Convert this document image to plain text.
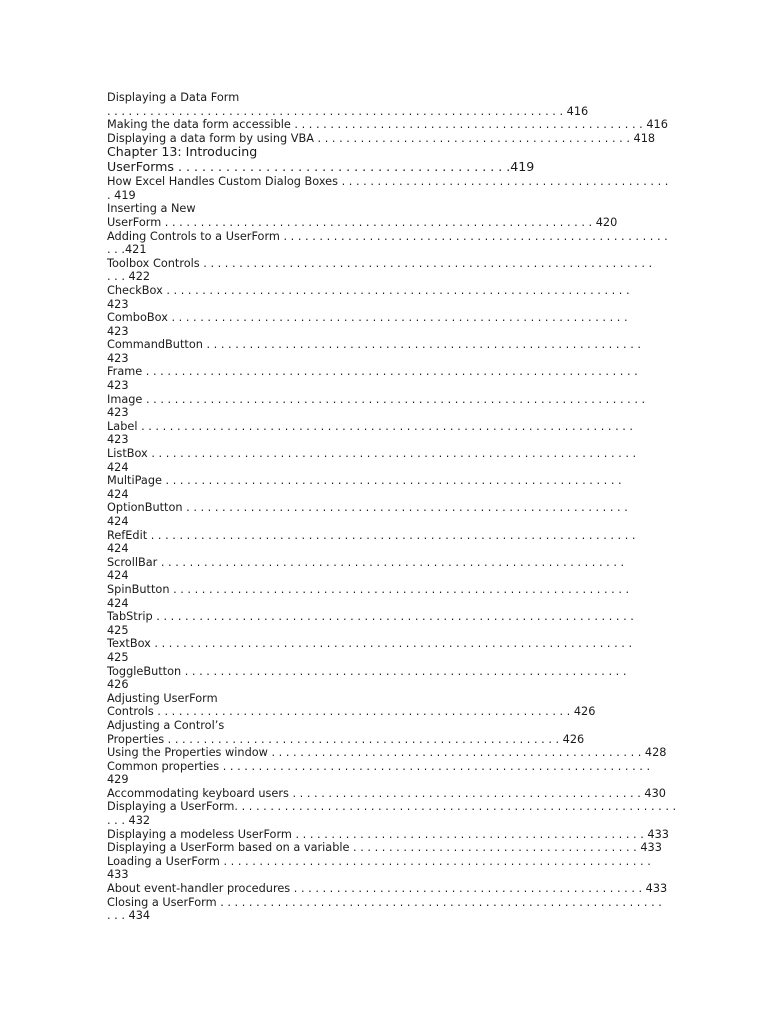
Displaying a Data Form
. . . . . . . . . . . . . . . . . . . . . . . . . . . . . . . . . . . . . . . . . . . . . . . . . . . . . . . . . . . . . . . . 416
Making the data form accessible . . . . . . . . . . . . . . . . . . . . . . . . . . . . . . . . . . . . . . . . . . . . . . . . . 416
Displaying a data form by using VBA . . . . . . . . . . . . . . . . . . . . . . . . . . . . . . . . . . . . . . . . . . . . 418
Chapter 13: Introducing
UserForms . . . . . . . . . . . . . . . . . . . . . . . . . . . . . . . . . . . . . . . . . .419
How Excel Handles Custom Dialog Boxes . . . . . . . . . . . . . . . . . . . . . . . . . . . . . . . . . . . . . . . . . . . . . .
. 419
Inserting a New
UserForm . . . . . . . . . . . . . . . . . . . . . . . . . . . . . . . . . . . . . . . . . . . . . . . . . . . . . . . . . . . . 420
Adding Controls to a UserForm . . . . . . . . . . . . . . . . . . . . . . . . . . . . . . . . . . . . . . . . . . . . . . . . . . . . . .
. . .421
Toolbox Controls . . . . . . . . . . . . . . . . . . . . . . . . . . . . . . . . . . . . . . . . . . . . . . . . . . . . . . . . . . . . . . .
. . . 422
CheckBox . . . . . . . . . . . . . . . . . . . . . . . . . . . . . . . . . . . . . . . . . . . . . . . . . . . . . . . . . . . . . . . . .
423
ComboBox . . . . . . . . . . . . . . . . . . . . . . . . . . . . . . . . . . . . . . . . . . . . . . . . . . . . . . . . . . . . . . . .
423
CommandButton . . . . . . . . . . . . . . . . . . . . . . . . . . . . . . . . . . . . . . . . . . . . . . . . . . . . . . . . . . . . .
423
Frame . . . . . . . . . . . . . . . . . . . . . . . . . . . . . . . . . . . . . . . . . . . . . . . . . . . . . . . . . . . . . . . . . . . . .
423
Image . . . . . . . . . . . . . . . . . . . . . . . . . . . . . . . . . . . . . . . . . . . . . . . . . . . . . . . . . . . . . . . . . . . . . .
423
Label . . . . . . . . . . . . . . . . . . . . . . . . . . . . . . . . . . . . . . . . . . . . . . . . . . . . . . . . . . . . . . . . . . . . .
423
ListBox . . . . . . . . . . . . . . . . . . . . . . . . . . . . . . . . . . . . . . . . . . . . . . . . . . . . . . . . . . . . . . . . . . . .
424
MultiPage . . . . . . . . . . . . . . . . . . . . . . . . . . . . . . . . . . . . . . . . . . . . . . . . . . . . . . . . . . . . . . . .
424
OptionButton . . . . . . . . . . . . . . . . . . . . . . . . . . . . . . . . . . . . . . . . . . . . . . . . . . . . . . . . . . . . . .
424
RefEdit . . . . . . . . . . . . . . . . . . . . . . . . . . . . . . . . . . . . . . . . . . . . . . . . . . . . . . . . . . . . . . . . . . . .
424
ScrollBar . . . . . . . . . . . . . . . . . . . . . . . . . . . . . . . . . . . . . . . . . . . . . . . . . . . . . . . . . . . . . . . . .
424
SpinButton . . . . . . . . . . . . . . . . . . . . . . . . . . . . . . . . . . . . . . . . . . . . . . . . . . . . . . . . . . . . . . . .
424
TabStrip . . . . . . . . . . . . . . . . . . . . . . . . . . . . . . . . . . . . . . . . . . . . . . . . . . . . . . . . . . . . . . . . . . .
425
TextBox . . . . . . . . . . . . . . . . . . . . . . . . . . . . . . . . . . . . . . . . . . . . . . . . . . . . . . . . . . . . . . . . . . .
425
ToggleButton . . . . . . . . . . . . . . . . . . . . . . . . . . . . . . . . . . . . . . . . . . . . . . . . . . . . . . . . . . . . . .
426
Adjusting UserForm
Controls . . . . . . . . . . . . . . . . . . . . . . . . . . . . . . . . . . . . . . . . . . . . . . . . . . . . . . . . . . 426
Adjusting a Control’s
Properties . . . . . . . . . . . . . . . . . . . . . . . . . . . . . . . . . . . . . . . . . . . . . . . . . . . . . . . 426
Using the Properties window . . . . . . . . . . . . . . . . . . . . . . . . . . . . . . . . . . . . . . . . . . . . . . . . . . . . 428
Common properties . . . . . . . . . . . . . . . . . . . . . . . . . . . . . . . . . . . . . . . . . . . . . . . . . . . . . . . . . . . .
429
Accommodating keyboard users . . . . . . . . . . . . . . . . . . . . . . . . . . . . . . . . . . . . . . . . . . . . . . . . . 430
Displaying a UserForm. . . . . . . . . . . . . . . . . . . . . . . . . . . . . . . . . . . . . . . . . . . . . . . . . . . . . . . . . . . . . .
. . . 432
Displaying a modeless UserForm . . . . . . . . . . . . . . . . . . . . . . . . . . . . . . . . . . . . . . . . . . . . . . . . . 433
Displaying a UserForm based on a variable . . . . . . . . . . . . . . . . . . . . . . . . . . . . . . . . . . . . . . . . 433
Loading a UserForm . . . . . . . . . . . . . . . . . . . . . . . . . . . . . . . . . . . . . . . . . . . . . . . . . . . . . . . . . . . .
433
About event-handler procedures . . . . . . . . . . . . . . . . . . . . . . . . . . . . . . . . . . . . . . . . . . . . . . . . . 433
Closing a UserForm . . . . . . . . . . . . . . . . . . . . . . . . . . . . . . . . . . . . . . . . . . . . . . . . . . . . . . . . . . . . . .
. . . 434
